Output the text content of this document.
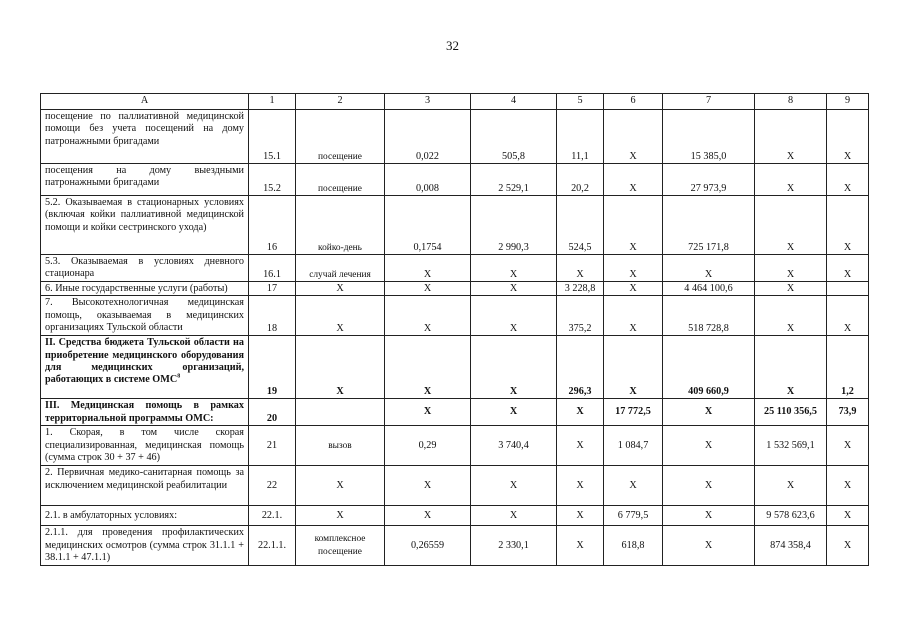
32
A	1	2	3	4	5	6	7	8	9
посещение по паллиативной медицинской помощи без учета посещений на дому патронажными бригадами	15.1	посещение	0,022	505,8	11,1	Х	15 385,0	Х	Х
посещения на дому выездными патронажными бригадами	15.2	посещение	0,008	2 529,1	20,2	Х	27 973,9	Х	Х
5.2. Оказываемая в стационарных условиях (включая койки паллиативной медицинской помощи и койки сестринского ухода)	16	койко-день	0,1754	2 990,3	524,5	Х	725 171,8	Х	Х
5.3. Оказываемая в условиях дневного стационара	16.1	случай лечения	Х	Х	Х	Х	Х	Х	Х
6. Иные государственные услуги (работы)	17	Х	Х	Х	3 228,8	Х	4 464 100,6	Х	
7. Высокотехнологичная медицинская помощь, оказываемая в медицинских организациях Тульской области	18	Х	Х	Х	375,2	Х	518 728,8	Х	Х
II. Средства бюджета Тульской области на приобретение медицинского оборудования для медицинских организаций, работающих в системе ОМС$^8$	19	Х	Х	Х	296,3	Х	409 660,9	Х	1,2
III. Медицинская помощь в рамках территориальной программы ОМС:	20		Х	Х	Х	17 772,5	Х	25 110 356,5	73,9
1. Скорая, в том числе скорая специализированная, медицинская помощь (сумма строк 30 + 37 + 46)	21	вызов	0,29	3 740,4	Х	1 084,7	Х	1 532 569,1	Х
2. Первичная медико-санитарная помощь за исключением медицинской реабилитации	22	Х	Х	Х	Х	Х	Х	Х	Х
2.1. в амбулаторных условиях:	22.1.	Х	Х	Х	Х	6 779,5	Х	9 578 623,6	Х
2.1.1. для проведения профилактических медицинских осмотров (сумма строк 31.1.1 + 38.1.1 + 47.1.1)	22.1.1.	комплексное посещение	0,26559	2 330,1	Х	618,8	Х	874 358,4	Х
